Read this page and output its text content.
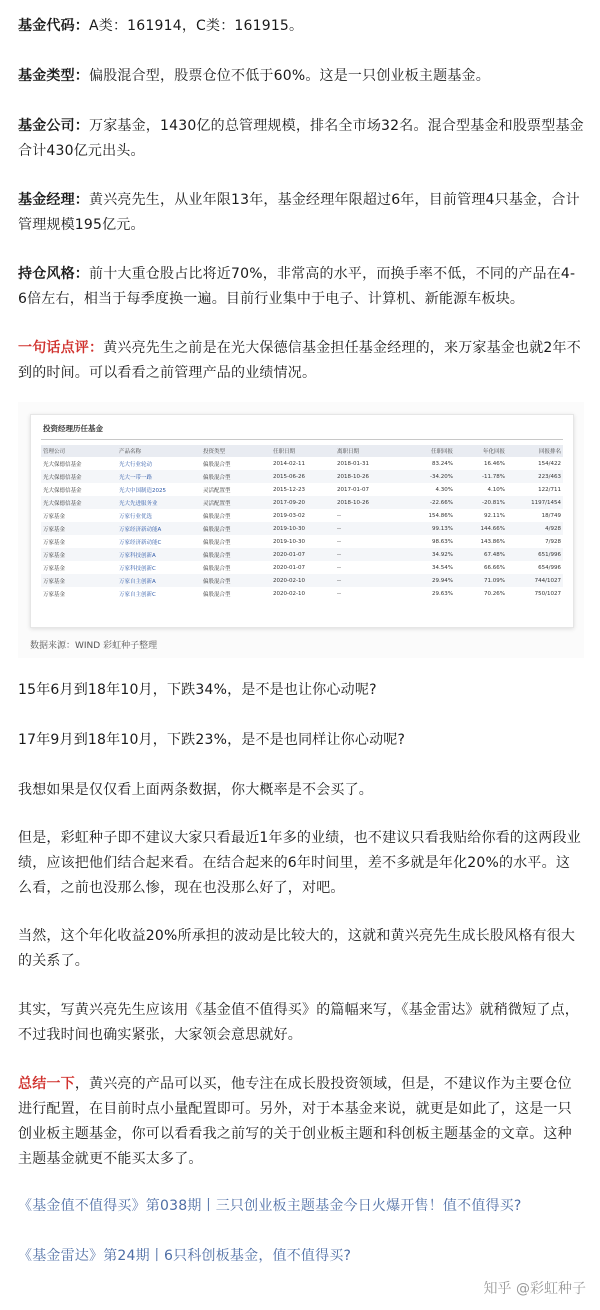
基金代码：A类：161914，C类：161915。

基金类型：偏股混合型，股票仓位不低于60%。这是一只创业板主题基金。

基金公司：万家基金，1430亿的总管理规模，排名全市场32名。混合型基金和股票型基金合计430亿元出头。

基金经理：黄兴亮先生，从业年限13年，基金经理年限超过6年，目前管理4只基金，合计管理规模195亿元。

持仓风格：前十大重仓股占比将近70%，非常高的水平，而换手率不低，不同的产品在4-6倍左右，相当于每季度换一遍。目前行业集中于电子、计算机、新能源车板块。

一句话点评：黄兴亮先生之前是在光大保德信基金担任基金经理的，来万家基金也就2年不到的时间。可以看看之前管理产品的业绩情况。

投资经理历任基金
管理公司	产品名称	投资类型	任职日期	离职日期	任职回报	年化回报	回报排名
光大保德信基金	光大行业轮动	偏股混合型	2014-02-11	2018-01-31	83.24%	16.46%	154/422
光大保德信基金	光大一带一路	偏股混合型	2015-06-26	2018-10-26	-34.20%	-11.78%	223/463
光大保德信基金	光大中国制造2025	灵活配置型	2015-12-23	2017-01-07	4.30%	4.10%	122/711
光大保德信基金	光大先进服务业	灵活配置型	2017-09-20	2018-10-26	-22.66%	-20.81%	1197/1454
万家基金	万家行业优选	偏股混合型	2019-03-02	--	154.86%	92.11%	18/749
万家基金	万家经济新动能A	偏股混合型	2019-10-30	--	99.13%	144.66%	4/928
万家基金	万家经济新动能C	偏股混合型	2019-10-30	--	98.63%	143.86%	7/928
万家基金	万家科技创新A	偏股混合型	2020-01-07	--	34.92%	67.48%	651/996
万家基金	万家科技创新C	偏股混合型	2020-01-07	--	34.54%	66.66%	654/996
万家基金	万家自主创新A	偏股混合型	2020-02-10	--	29.94%	71.09%	744/1027
万家基金	万家自主创新C	偏股混合型	2020-02-10	--	29.63%	70.26%	750/1027
数据来源：WIND 彩虹种子整理

15年6月到18年10月，下跌34%，是不是也让你心动呢?

17年9月到18年10月，下跌23%，是不是也同样让你心动呢?

我想如果是仅仅看上面两条数据，你大概率是不会买了。

但是，彩虹种子即不建议大家只看最近1年多的业绩，也不建议只看我贴给你看的这两段业绩，应该把他们结合起来看。在结合起来的6年时间里，差不多就是年化20%的水平。这么看，之前也没那么惨，现在也没那么好了，对吧。

当然，这个年化收益20%所承担的波动是比较大的，这就和黄兴亮先生成长股风格有很大的关系了。

其实，写黄兴亮先生应该用《基金值不值得买》的篇幅来写，《基金雷达》就稍微短了点，不过我时间也确实紧张，大家领会意思就好。

总结一下，黄兴亮的产品可以买，他专注在成长股投资领域，但是，不建议作为主要仓位进行配置，在目前时点小量配置即可。另外，对于本基金来说，就更是如此了，这是一只创业板主题基金，你可以看看我之前写的关于创业板主题和科创板主题基金的文章。这种主题基金就更不能买太多了。

《基金值不值得买》第038期丨三只创业板主题基金今日火爆开售！值不值得买?

《基金雷达》第24期丨6只科创板基金，值不值得买?

知乎 @彩虹种子
